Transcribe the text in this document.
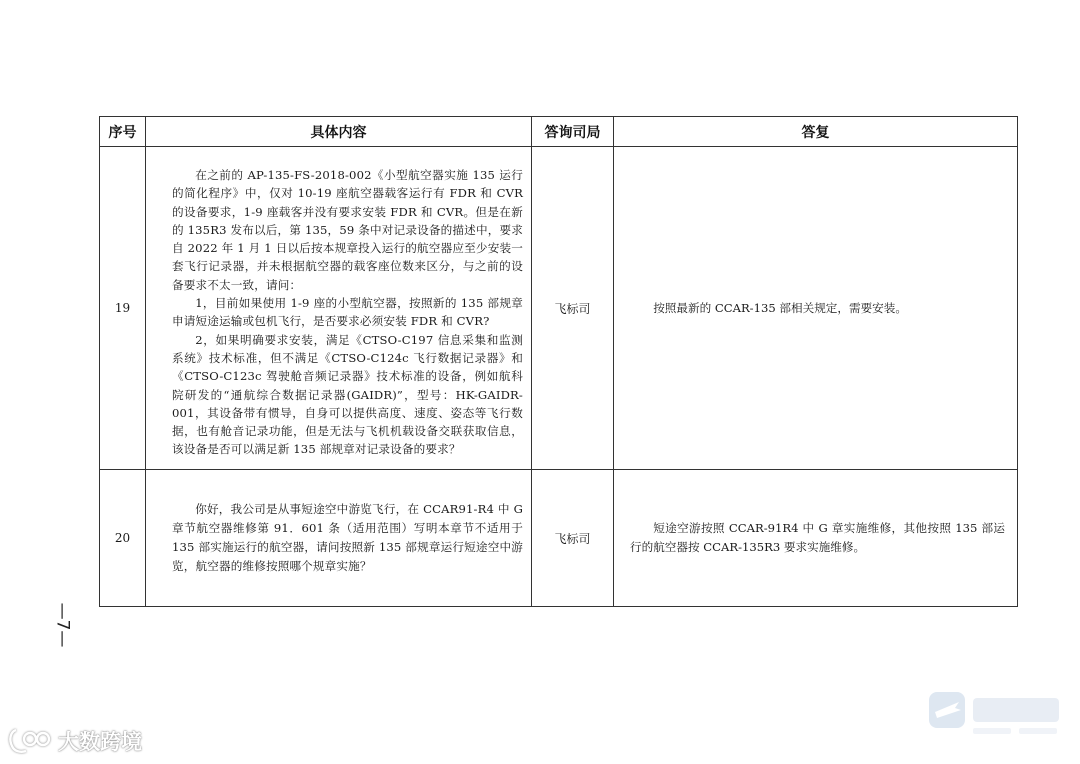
序号	具体内容	答询司局	答复
19	在之前的 AP-135-FS-2018-002《小型航空器实施 135 运行的简化程序》中，仅对 10-19 座航空器载客运行有 FDR 和 CVR 的设备要求，1-9 座载客并没有要求安装 FDR 和 CVR。但是在新的 135R3 发布以后，第 135，59 条中对记录设备的描述中，要求自 2022 年 1 月 1 日以后按本规章投入运行的航空器应至少安装一套飞行记录器，并未根据航空器的载客座位数来区分，与之前的设备要求不太一致，请问：

1，目前如果使用 1-9 座的小型航空器，按照新的 135 部规章申请短途运输或包机飞行，是否要求必须安装 FDR 和 CVR?

2，如果明确要求安装，满足《CTSO-C197 信息采集和监测系统》技术标准，但不满足《CTSO-C124c 飞行数据记录器》和《CTSO-C123c 驾驶舱音频记录器》技术标准的设备，例如航科院研发的“通航综合数据记录器(GAIDR)”，型号：HK-GAIDR-001，其设备带有惯导，自身可以提供高度、速度、姿态等飞行数据，也有舱音记录功能，但是无法与飞机机载设备交联获取信息，该设备是否可以满足新 135 部规章对记录设备的要求？	飞标司	按照最新的 CCAR-135 部相关规定，需要安装。

20	你好，我公司是从事短途空中游览飞行，在 CCAR91-R4 中 G 章节航空器维修第 91．601 条（适用范围）写明本章节不适用于 135 部实施运行的航空器，请问按照新 135 部规章运行短途空中游览，航空器的维修按照哪个规章实施？	飞标司	短途空游按照 CCAR-91R4 中 G 章实施维修，其他按照 135 部运行的航空器按 CCAR-135R3 要求实施维修。
—7—
大数跨境
